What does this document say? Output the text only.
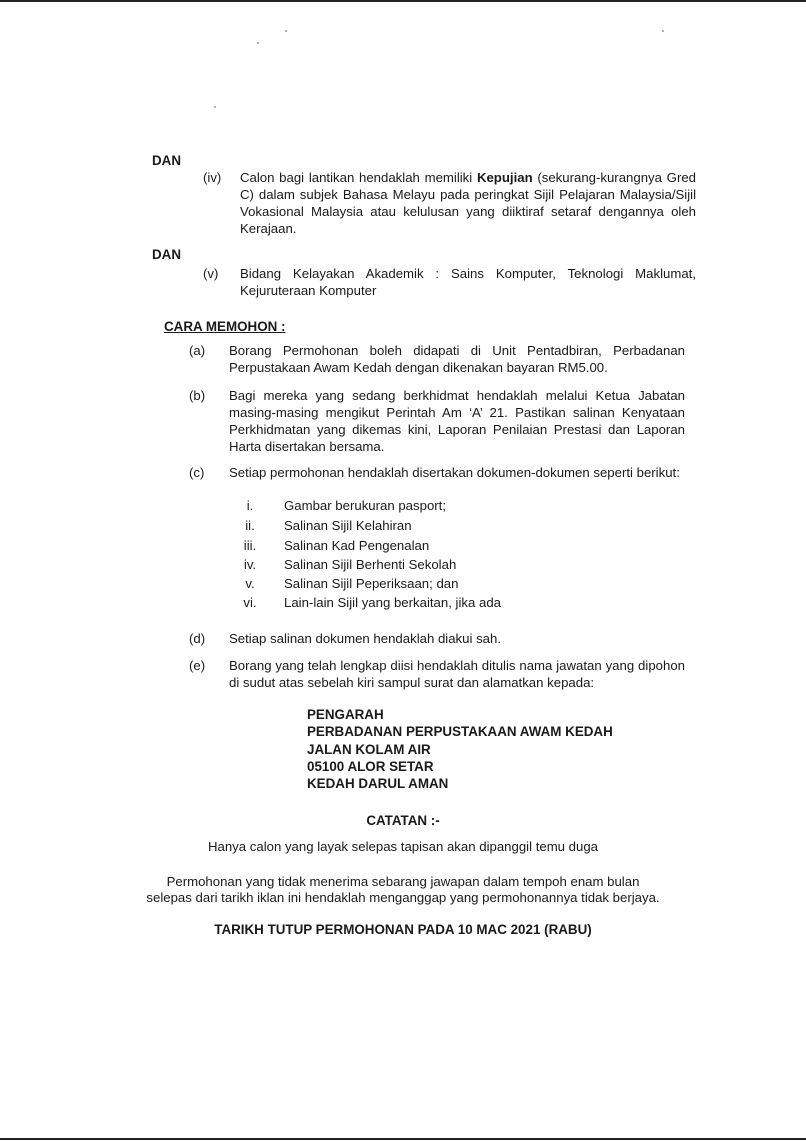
DAN
(iv) Calon bagi lantikan hendaklah memiliki Kepujian (sekurang-kurangnya Gred C) dalam subjek Bahasa Melayu pada peringkat Sijil Pelajaran Malaysia/Sijil Vokasional Malaysia atau kelulusan yang diiktiraf setaraf dengannya oleh Kerajaan.
DAN
(v) Bidang Kelayakan Akademik : Sains Komputer, Teknologi Maklumat, Kejuruteraan Komputer
CARA MEMOHON :
(a) Borang Permohonan boleh didapati di Unit Pentadbiran, Perbadanan Perpustakaan Awam Kedah dengan dikenakan bayaran RM5.00.
(b) Bagi mereka yang sedang berkhidmat hendaklah melalui Ketua Jabatan masing-masing mengikut Perintah Am ‘A’ 21. Pastikan salinan Kenyataan Perkhidmatan yang dikemas kini, Laporan Penilaian Prestasi dan Laporan Harta disertakan bersama.
(c) Setiap permohonan hendaklah disertakan dokumen-dokumen seperti berikut:
i.	Gambar berukuran pasport;
ii.	Salinan Sijil Kelahiran
iii. Salinan Kad Pengenalan
iv. Salinan Sijil Berhenti Sekolah
v.	Salinan Sijil Peperiksaan; dan
vi. Lain-lain Sijil yang berkaitan, jika ada
(d) Setiap salinan dokumen hendaklah diakui sah.
(e) Borang yang telah lengkap diisi hendaklah ditulis nama jawatan yang dipohon di sudut atas sebelah kiri sampul surat dan alamatkan kepada:
PENGARAH
PERBADANAN PERPUSTAKAAN AWAM KEDAH
JALAN KOLAM AIR
05100 ALOR SETAR
KEDAH DARUL AMAN
CATATAN :-
Hanya calon yang layak selepas tapisan akan dipanggil temu duga
Permohonan yang tidak menerima sebarang jawapan dalam tempoh enam bulan
selepas dari tarikh iklan ini hendaklah menganggap yang permohonannya tidak berjaya.
TARIKH TUTUP PERMOHONAN PADA 10 MAC 2021 (RABU)
